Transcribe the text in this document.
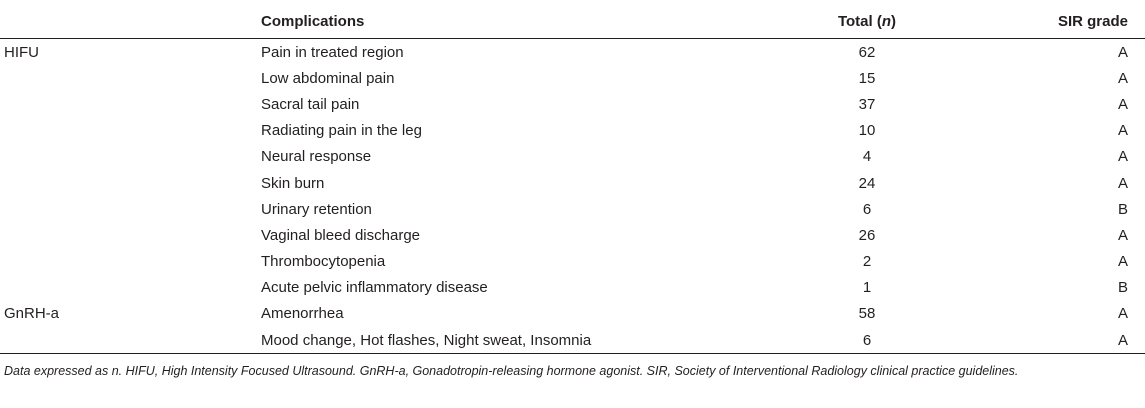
	Complications	Total (n)	SIR grade
HIFU	Pain in treated region	62	A
	Low abdominal pain	15	A
	Sacral tail pain	37	A
	Radiating pain in the leg	10	A
	Neural response	4	A
	Skin burn	24	A
	Urinary retention	6	B
	Vaginal bleed discharge	26	A
	Thrombocytopenia	2	A
	Acute pelvic inflammatory disease	1	B
GnRH-a	Amenorrhea	58	A
	Mood change, Hot flashes, Night sweat, Insomnia	6	A

Data expressed as n. HIFU, High Intensity Focused Ultrasound. GnRH-a, Gonadotropin-releasing hormone agonist. SIR, Society of Interventional Radiology clinical practice guidelines.
